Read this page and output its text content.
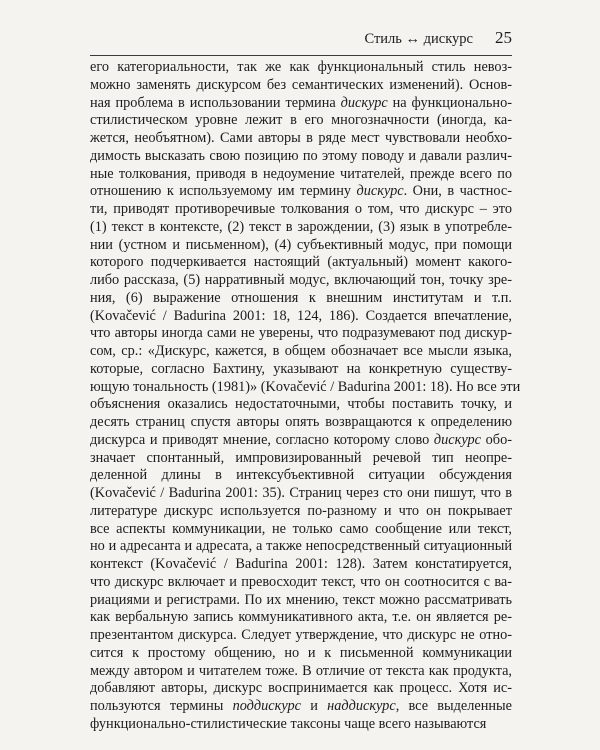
Стиль ↔ дискурс 25
его категориальности, так же как функциональный стиль невоз-
можно заменять дискурсом без семантических изменений). Основ-
ная проблема в использовании термина дискурс на функционально-
стилистическом уровне лежит в его многозначности (иногда, ка-
жется, необъятном). Сами авторы в ряде мест чувствовали необхо-
димость высказать свою позицию по этому поводу и давали различ-
ные толкования, приводя в недоумение читателей, прежде всего по
отношению к используемому им термину дискурс. Они, в частнос-
ти, приводят противоречивые толкования о том, что дискурс – это
(1) текст в контексте, (2) текст в зарождении, (3) язык в употребле-
нии (устном и письменном), (4) субъективный модус, при помощи
которого подчеркивается настоящий (актуальный) момент какого-
либо рассказа, (5) нарративный модус, включающий тон, точку зре-
ния, (6) выражение отношения к внешним институтам и т.п.
(Kovačević / Badurina 2001: 18, 124, 186). Создается впечатление,
что авторы иногда сами не уверены, что подразумевают под дискур-
сом, ср.: «Дискурс, кажется, в общем обозначает все мысли языка,
которые, согласно Бахтину, указывают на конкретную существу-
ющую тональность (1981)» (Kovačević / Badurina 2001: 18). Но все эти
объяснения оказались недостаточными, чтобы поставить точку, и
десять страниц спустя авторы опять возвращаются к определению
дискурса и приводят мнение, согласно которому слово дискурс обо-
значает спонтанный, импровизированный речевой тип неопре-
деленной длины в интексубъективной ситуации обсуждения
(Kovačević / Badurina 2001: 35). Страниц через сто они пишут, что в
литературе дискурс используется по-разному и что он покрывает
все аспекты коммуникации, не только само сообщение или текст,
но и адресанта и адресата, а также непосредственный ситуационный
контекст (Kovačević / Badurina 2001: 128). Затем констатируется,
что дискурс включает и превосходит текст, что он соотносится с ва-
риациями и регистрами. По их мнению, текст можно рассматривать
как вербальную запись коммуникативного акта, т.е. он является ре-
презентантом дискурса. Следует утверждение, что дискурс не отно-
сится к простому общению, но и к письменной коммуникации
между автором и читателем тоже. В отличие от текста как продукта,
добавляют авторы, дискурс воспринимается как процесс. Хотя ис-
пользуются термины поддискурс и наддискурс, все выделенные
функционально-стилистические таксоны чаще всего называются
